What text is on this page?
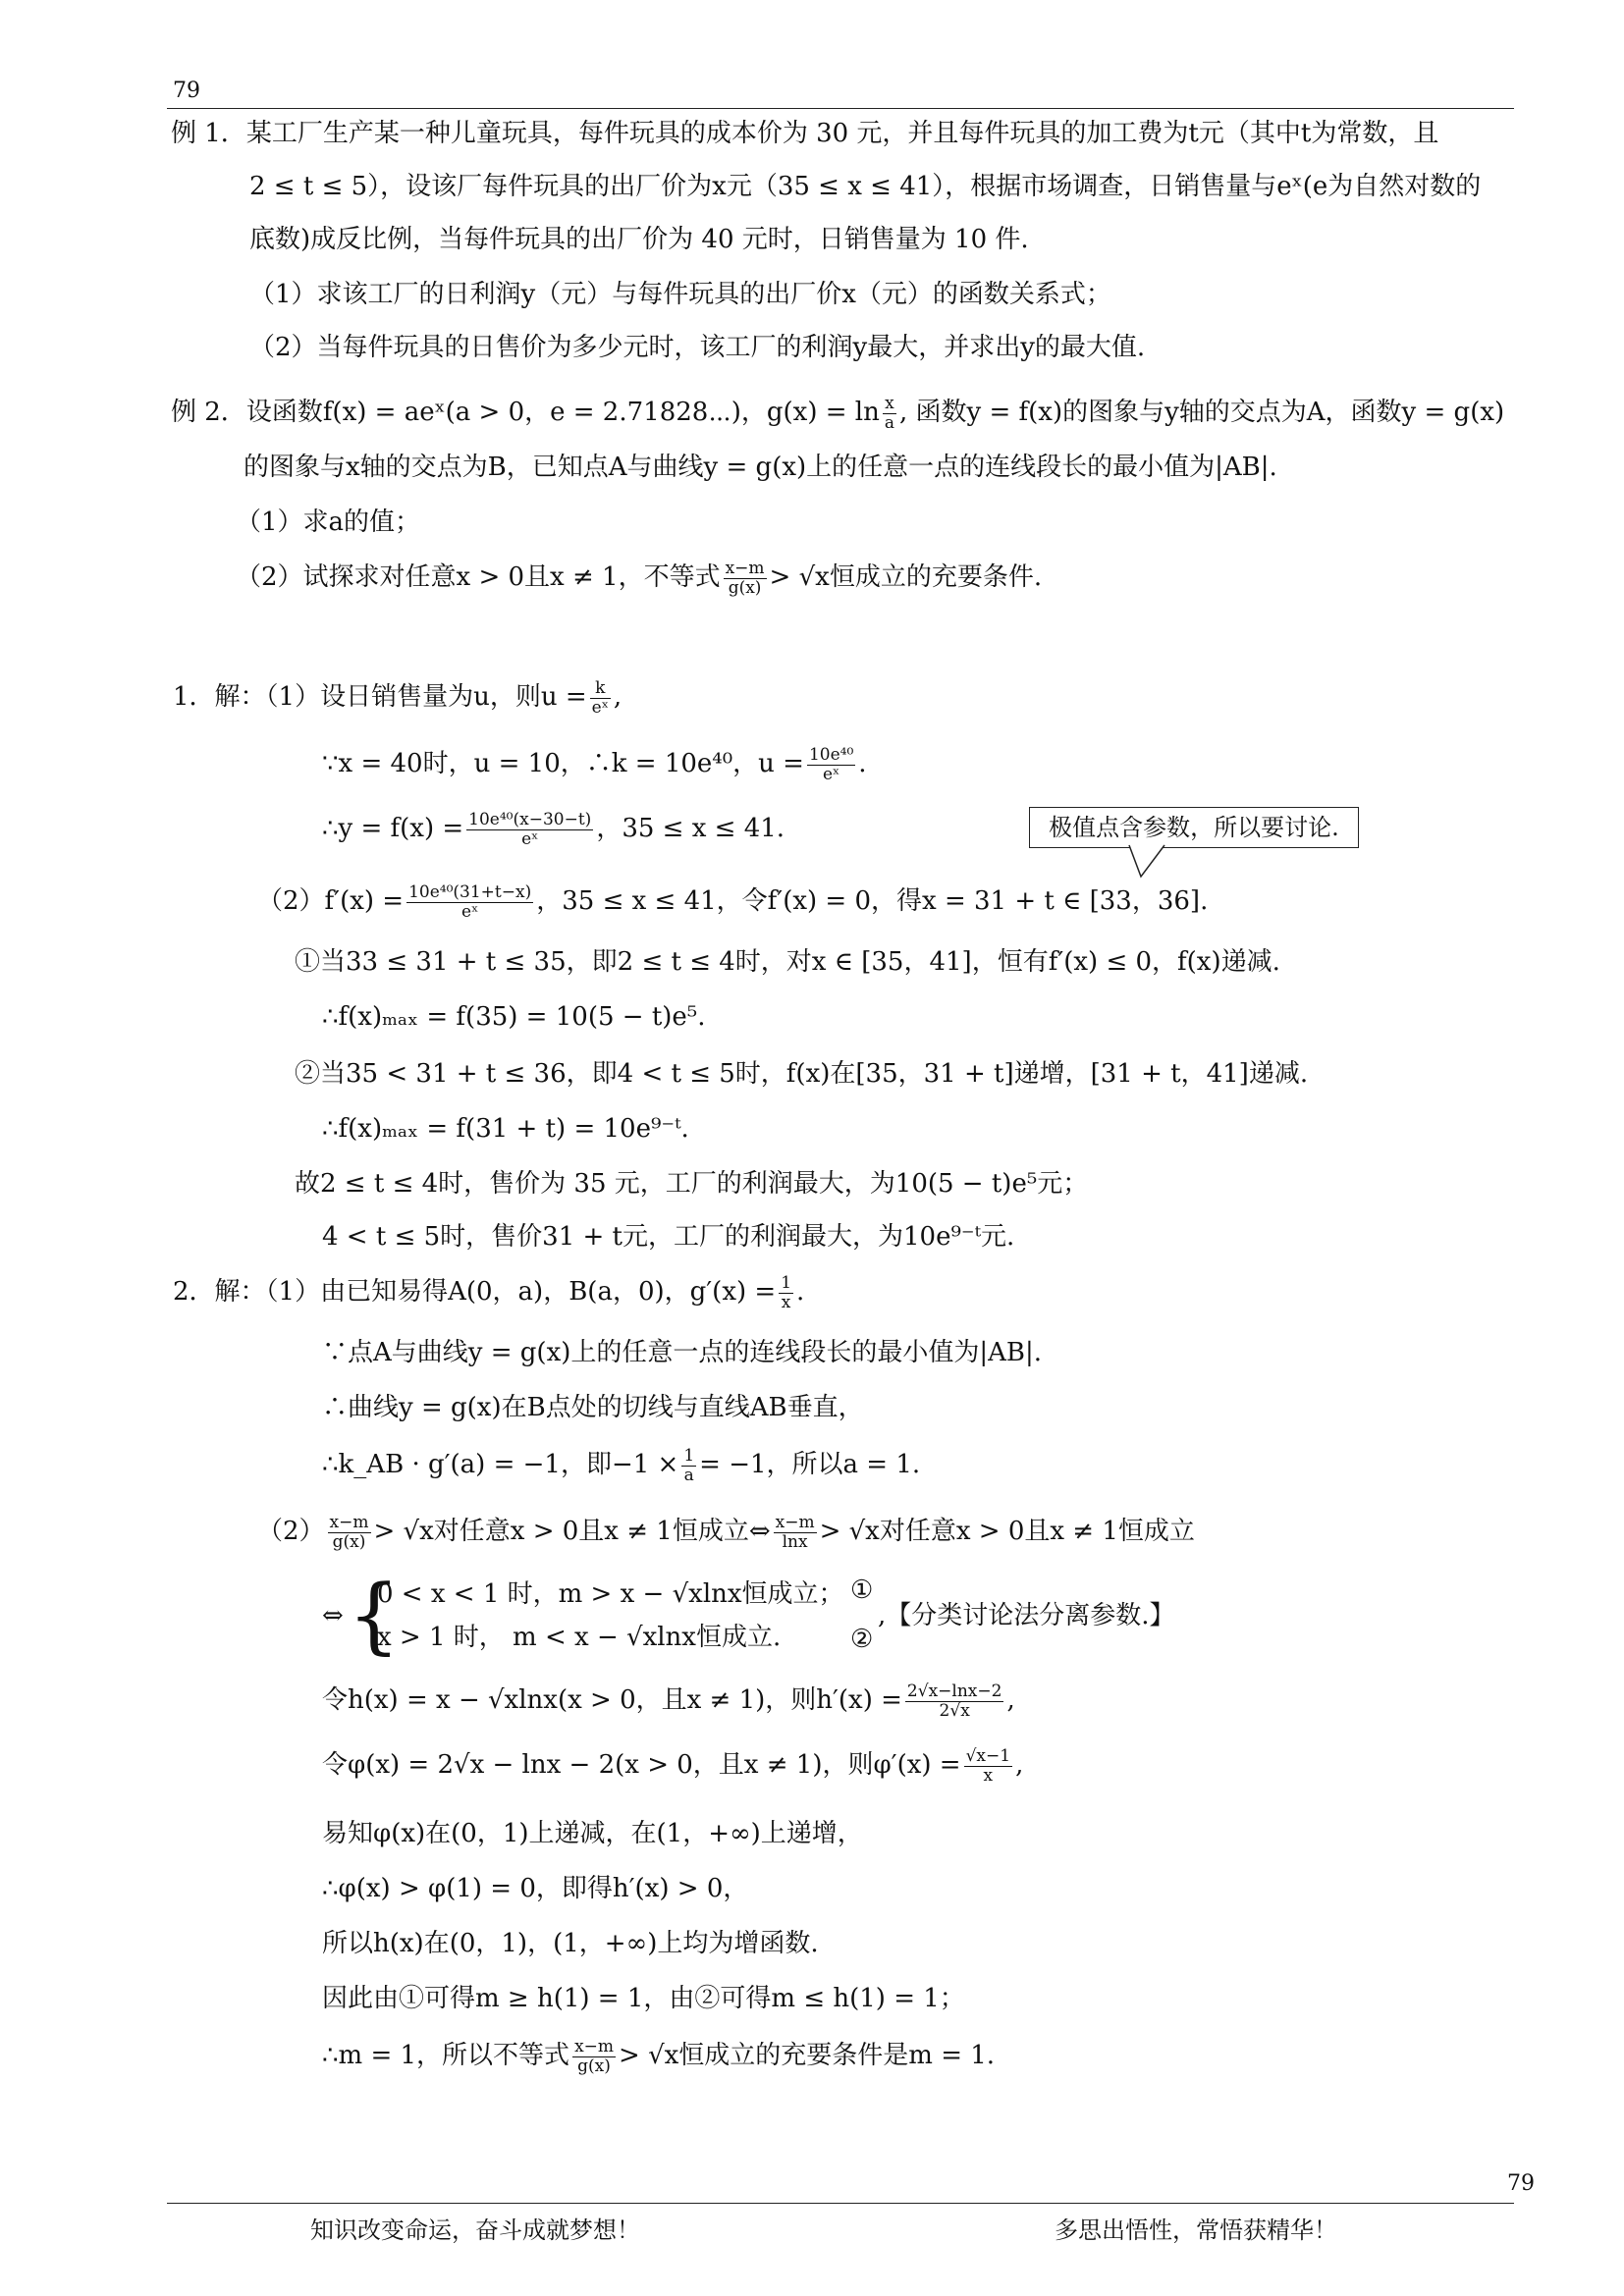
79
例 1．某工厂生产某一种儿童玩具，每件玩具的成本价为 30 元，并且每件玩具的加工费为t元（其中t为常数，且
2 ≤ t ≤ 5），设该厂每件玩具的出厂价为x元（35 ≤ x ≤ 41），根据市场调查，日销售量与eˣ(e为自然对数的
底数)成反比例，当每件玩具的出厂价为 40 元时，日销售量为 10 件.
（1）求该工厂的日利润y（元）与每件玩具的出厂价x（元）的函数关系式；
（2）当每件玩具的日售价为多少元时，该工厂的利润y最大，并求出y的最大值.
例 2．设函数f(x) = aeˣ(a > 0，e = 2.71828⋯)，$g(x) = \ln \frac{x}{a}$ , 函数y = f(x)的图象与y轴的交点为A，函数y = g(x)
的图象与x轴的交点为B，已知点A与曲线y = g(x)上的任意一点的连线段长的最小值为|AB|.
（1）求a的值；
（2）试探求对任意x > 0且x ≠ 1，不等式 $\frac{x-m}{g(x)} > √x$恒成立的充要条件.
1．解：（1）设日销售量为u，则$u = \frac{k}{\text{eˣ}}$ ,
∵x = 40时，u = 10，∴k = 10e⁴⁰，$u = \frac{\text{10e⁴⁰}}{\text{eˣ}}$ .
∴y = $f(x) = \frac{\text{10e⁴⁰(x−30−t)}}{\text{eˣ}}$ ，35 ≤ x ≤ 41.	极值点含参数，所以要讨论.
$(2)f'(x) = \frac{\text{10e⁴⁰(31+t−x)}}{\text{eˣ}}$ ，35 ≤ x ≤ 41，令f′(x) = 0，得x = 31 + t ∈ [33，36].
①当33 ≤ 31 + t ≤ 35，即2 ≤ t ≤ 4时，对x ∈ [35，41]，恒有f′(x) ≤ 0，f(x)递减.
∴f(x)ₘₐₓ = f(35) = 10(5 − t)e⁵.
②当35 < 31 + t ≤ 36，即4 < t ≤ 5时，f(x)在[35，31 + t]递增，[31 + t，41]递减.
∴f(x)ₘₐₓ = f(31 + t) = 10e⁹⁻ᵗ.
故2 ≤ t ≤ 4时，售价为 35 元，工厂的利润最大，为10(5 − t)e⁵元；
4 < t ≤ 5时，售价31 + t元，工厂的利润最大，为10e⁹⁻ᵗ元.
2．解：（1）由已知易得A(0，a)，B(a，0)，$g'(x) = \frac{1}{x}$ .
∵点A与曲线y = g(x)上的任意一点的连线段长的最小值为|AB|.
∴曲线y = g(x)在B点处的切线与直线AB垂直，
∴k_AB · g′(a) = −1，即$-1 \times \frac{1}{a} = -1$，所以a = 1.
$(2) \frac{x-m}{g(x)} > √x$对任意x > 0且x ≠ 1恒成立⇔ $\frac{x-m}{\ln x} > √x$对任意x > 0且x ≠ 1恒成立
⇔ {
0 < x < 1 时，m > x − √xlnx恒成立； ①
x > 1 时， m < x − √xlnx恒成立.	②
,【分类讨论法分离参数.】
令h(x) = x − √xlnx(x > 0，且x ≠ 1)，则$h'(x) = \frac{2√x-\ln x-2}{2√x}$ ,
令φ(x) = 2√x − lnx − 2(x > 0，且x ≠ 1)，则$\varphi'(x) = \frac{√x-1}{x}$ ,
易知φ(x)在(0，1)上递减，在(1，+∞)上递增，
∴φ(x) > φ(1) = 0，即得h′(x) > 0，
所以h(x)在(0，1)，(1，+∞)上均为增函数.
因此由①可得m ≥ h(1) = 1，由②可得m ≤ h(1) = 1；
∴m = 1，所以不等式 $\frac{x-m}{g(x)} > √x$恒成立的充要条件是m = 1.
79
知识改变命运，奋斗成就梦想！	多思出悟性，常悟获精华！
